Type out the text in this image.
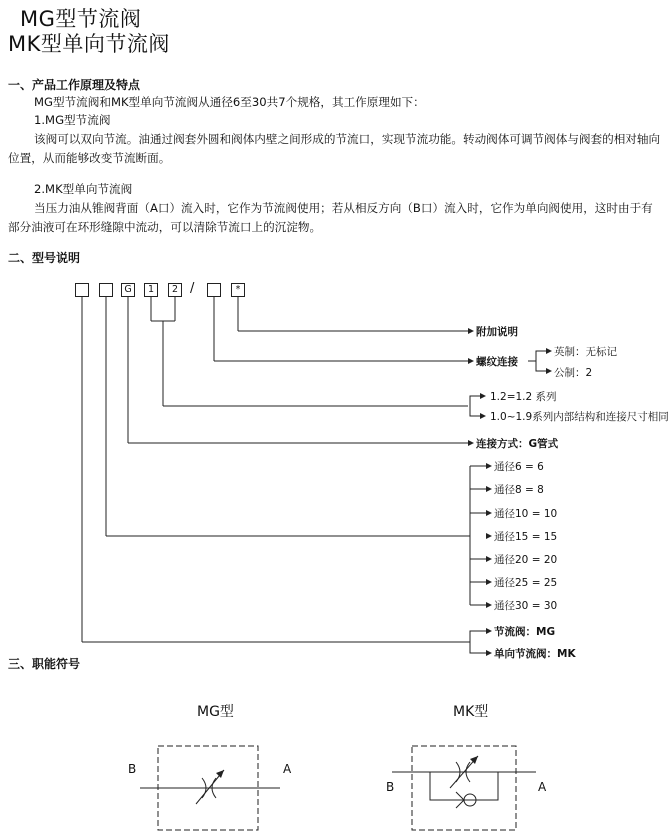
MG型节流阀
MK型单向节流阀
一、产品工作原理及特点
MG型节流阀和MK型单向节流阀从通径6至30共7个规格，其工作原理如下：
1.MG型节流阀
该阀可以双向节流。油通过阀套外圆和阀体内壁之间形成的节流口，实现节流功能。转动阀体可调节阀体与阀套的相对轴向位置，从而能够改变节流断面。
2.MK型单向节流阀
当压力油从锥阀背面（A口）流入时，它作为节流阀使用；若从相反方向（B口）流入时，它作为单向阀使用，这时由于有部分油液可在环形缝隙中流动，可以清除节流口上的沉淀物。
二、型号说明
G	1	2 /	*
附加说明
螺纹连接
英制：无标记
公制：2
1.2=1.2 系列
1.0~1.9系列内部结构和连接尺寸相同
连接方式：G管式
通径6 = 6
通径8 = 8
通径10 = 10
通径15 = 15
通径20 = 20
通径25 = 25
通径30 = 30
节流阀：MG
单向节流阀：MK
三、职能符号
MG型	MK型
B	A
B	A
